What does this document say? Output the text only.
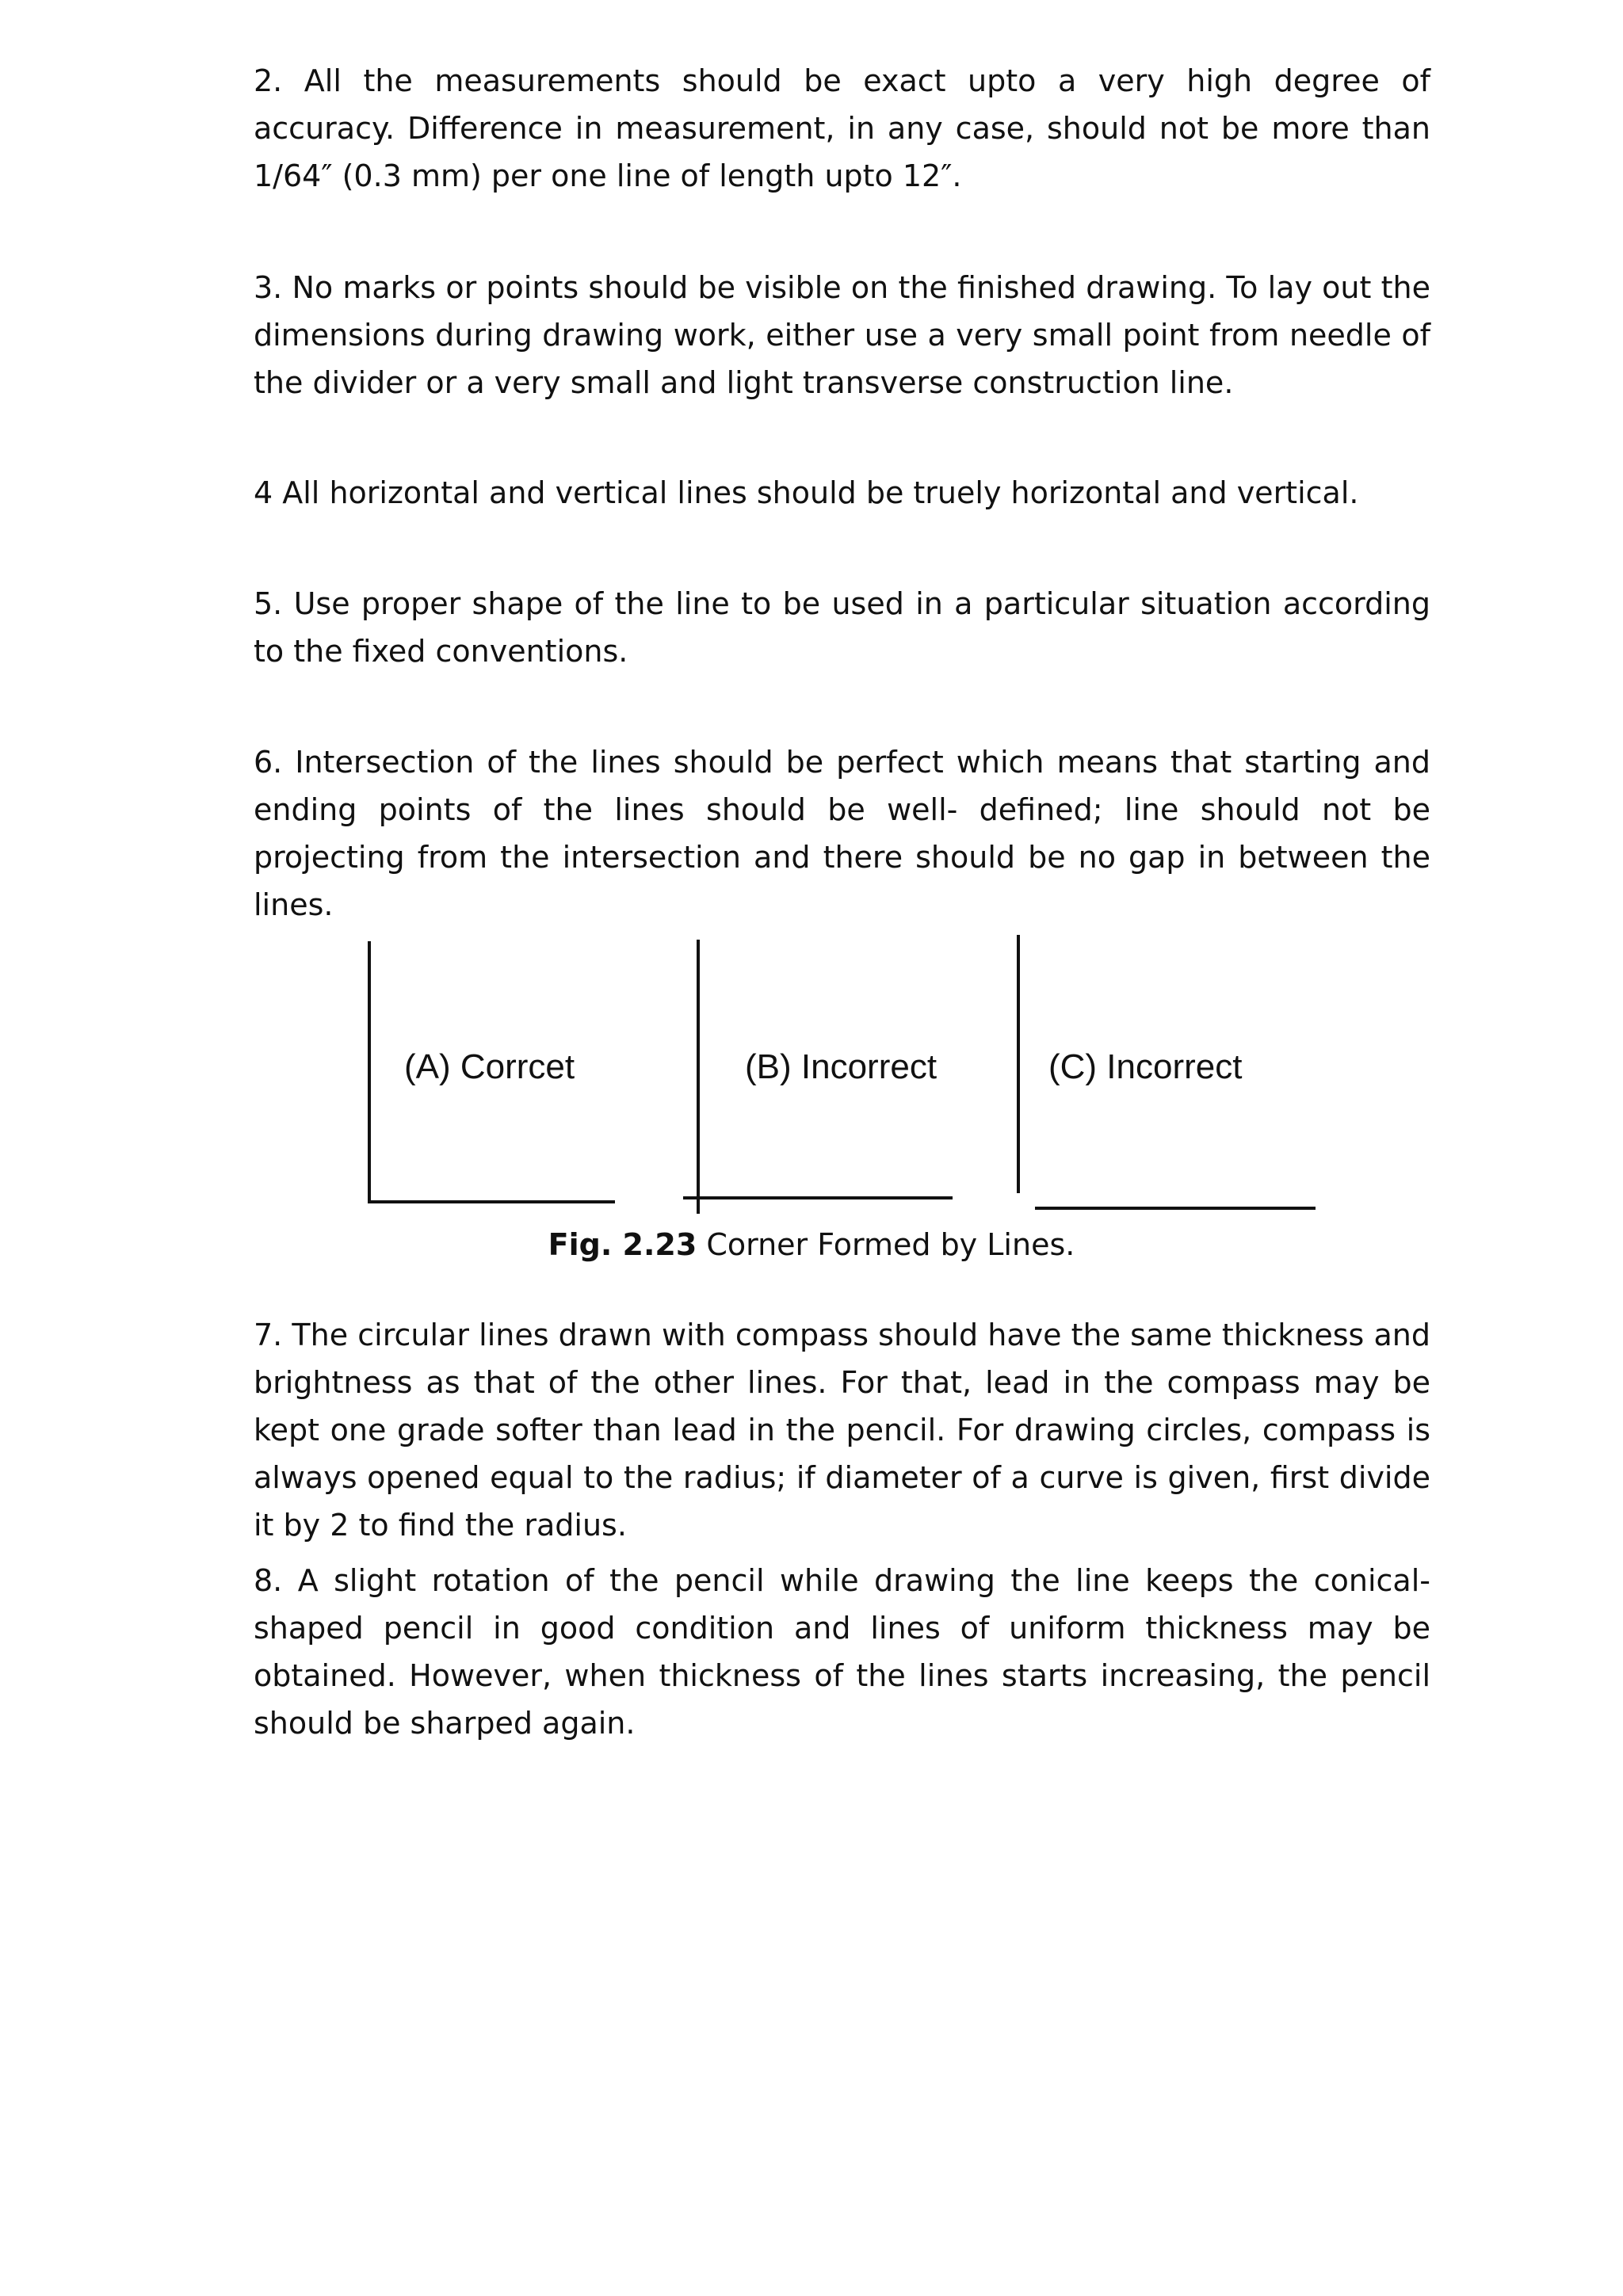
2. All the measurements should be exact upto a very high degree of accuracy. Difference in measurement, in any case, should not be more than 1/64″ (0.3 mm) per one line of length upto 12″.

3. No marks or points should be visible on the finished drawing. To lay out the dimensions during drawing work, either use a very small point from needle of the divider or a very small and light transverse construction line.

4 All horizontal and vertical lines should be truely horizontal and vertical.

5. Use proper shape of the line to be used in a particular situation according to the fixed conventions.

6. Intersection of the lines should be perfect which means that starting and ending points of the lines should be well- defined; line should not be projecting from the intersection and there should be no gap in between the lines.

(A) Corrcet	(B) Incorrect	(C) Incorrect
Fig. 2.23 Corner Formed by Lines.

7. The circular lines drawn with compass should have the same thickness and brightness as that of the other lines. For that, lead in the compass may be kept one grade softer than lead in the pencil. For drawing circles, compass is always opened equal to the radius; if diameter of a curve is given, first divide it by 2 to find the radius.

8. A slight rotation of the pencil while drawing the line keeps the conical-shaped pencil in good condition and lines of uniform thickness may be obtained. However, when thickness of the lines starts increasing, the pencil should be sharped again.
